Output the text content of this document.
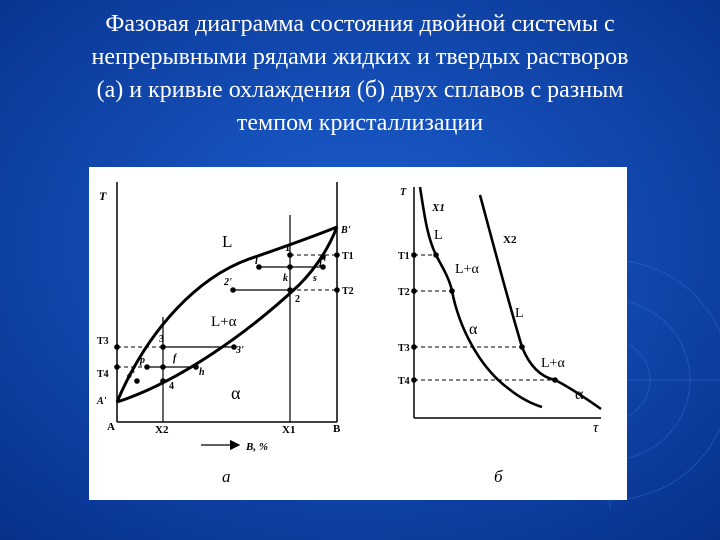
Фазовая диаграмма состояния двойной системы с
непрерывными рядами жидких и твердых растворов
(а) и кривые охлаждения (б) двух сплавов с разным
темпом кристаллизации
T
A	B
A'
B'
X2	X1
B, %
L
L+α
α
1
1'
l
k	s
2
2'
3
3'
p	f
h
4
4'
T1
T2
T3
T4
а
T
τ
X1
X2
T1
T2
T3
T4
L
L+α
α
L
L+α
α
б
